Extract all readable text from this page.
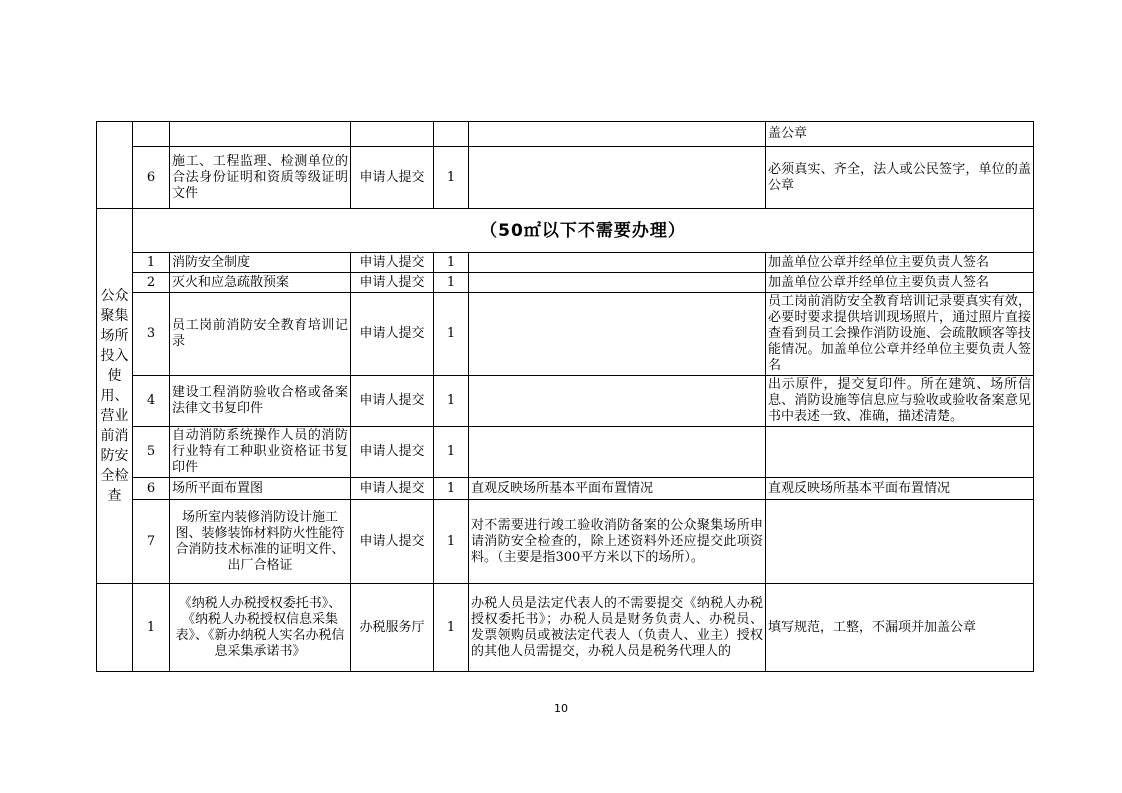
						盖公章
	6	施工、工程监理、检测单位的合法身份证明和资质等级证明文件	申请人提交	1		必须真实、齐全，法人或公民签字，单位的盖公章
公众聚集场所投入使用、营业前消防安全检查	（50㎡以下不需要办理）					
	1	消防安全制度	申请人提交	1		加盖单位公章并经单位主要负责人签名
	2	灭火和应急疏散预案	申请人提交	1		加盖单位公章并经单位主要负责人签名
	3	员工岗前消防安全教育培训记录	申请人提交	1		员工岗前消防安全教育培训记录要真实有效，必要时要求提供培训现场照片，通过照片直接查看到员工会操作消防设施、会疏散顾客等技能情况。加盖单位公章并经单位主要负责人签名
	4	建设工程消防验收合格或备案法律文书复印件	申请人提交	1		出示原件，提交复印件。所在建筑、场所信息、消防设施等信息应与验收或验收备案意见书中表述一致、准确，描述清楚。
	5	自动消防系统操作人员的消防行业特有工种职业资格证书复印件	申请人提交	1		
	6	场所平面布置图	申请人提交	1	直观反映场所基本平面布置情况	直观反映场所基本平面布置情况
	7	场所室内装修消防设计施工图、装修装饰材料防火性能符合消防技术标准的证明文件、出厂合格证	申请人提交	1	对不需要进行竣工验收消防备案的公众聚集场所申请消防安全检查的，除上述资料外还应提交此项资料。（主要是指300平方米以下的场所）。	
	1	《纳税人办税授权委托书》、《纳税人办税授权信息采集表》、《新办纳税人实名办税信息采集承诺书》	办税服务厅	1	办税人员是法定代表人的不需要提交《纳税人办税授权委托书》；办税人员是财务负责人、办税员、发票领购员或被法定代表人（负责人、业主）授权的其他人员需提交，办税人员是税务代理人的	填写规范，工整，不漏项并加盖公章
10
